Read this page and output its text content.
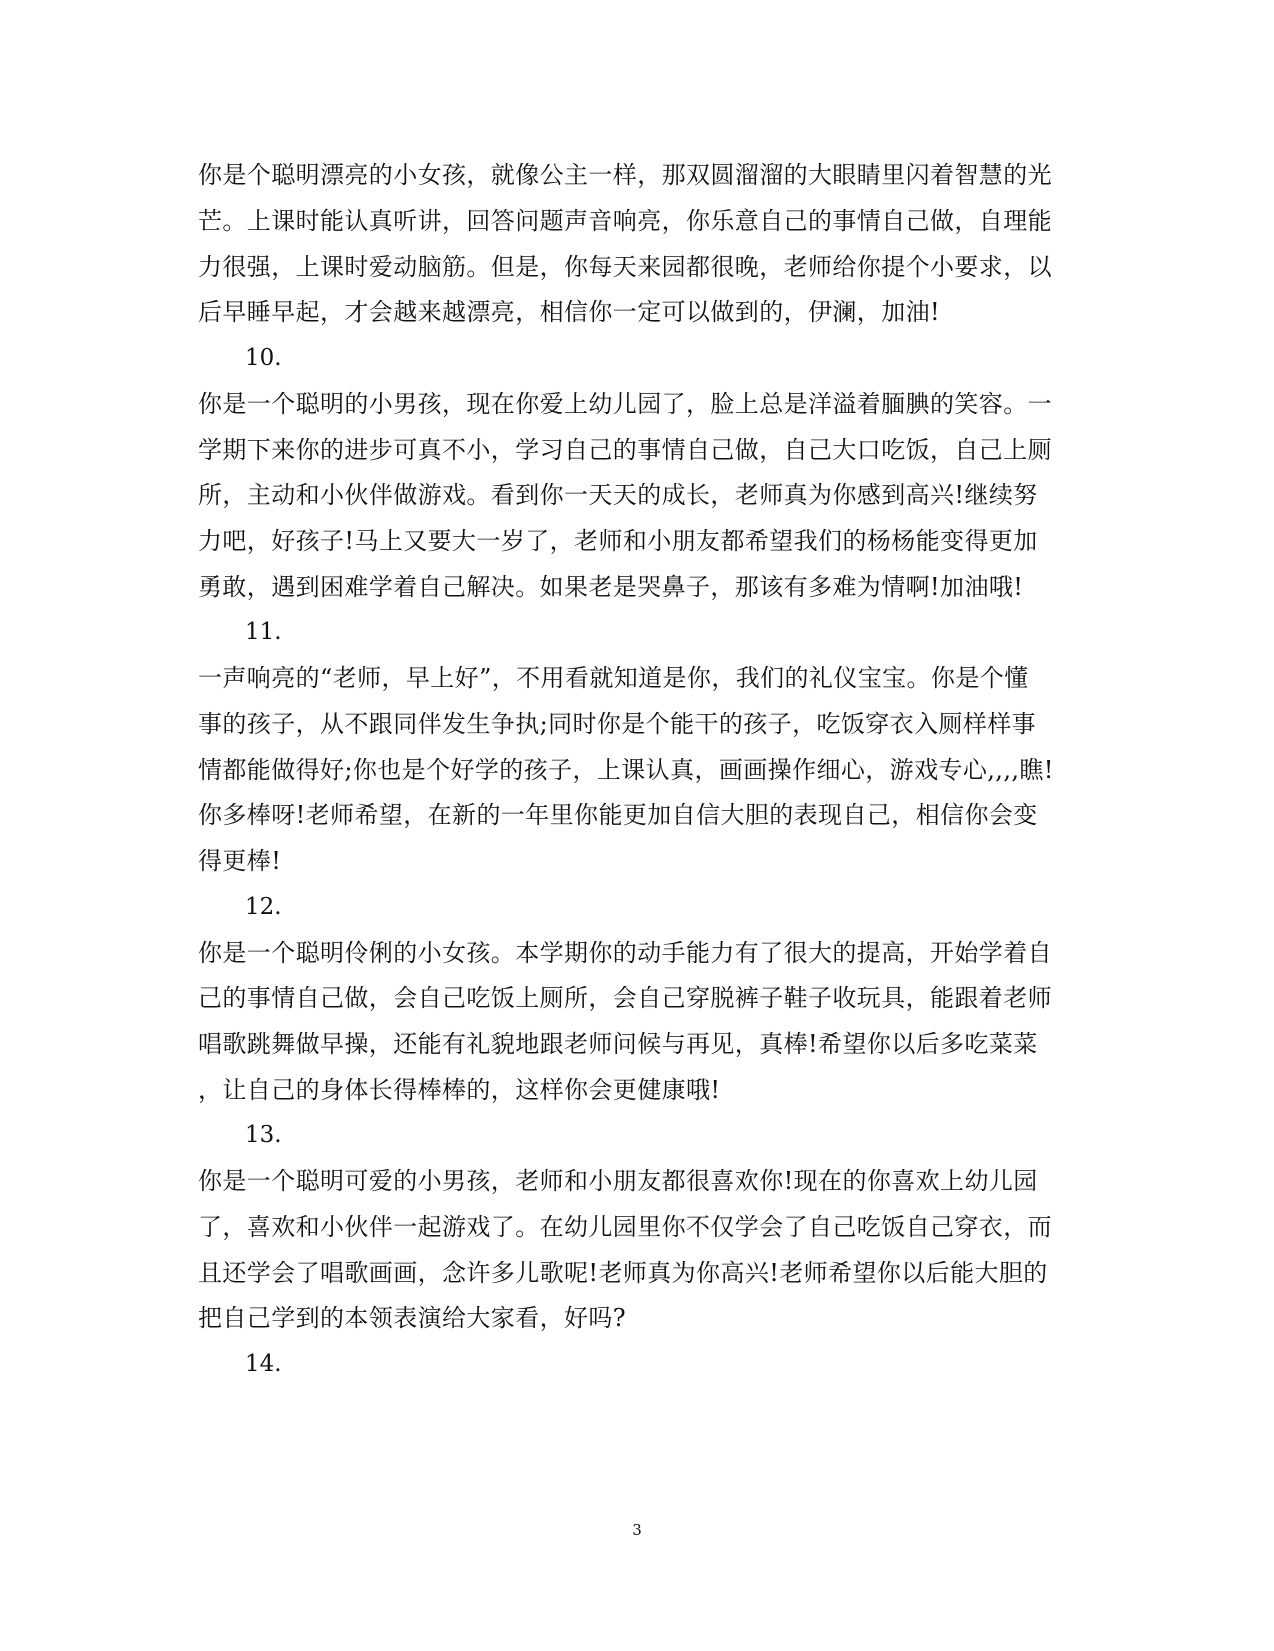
你是个聪明漂亮的小女孩，就像公主一样，那双圆溜溜的大眼睛里闪着智慧的光
芒。上课时能认真听讲，回答问题声音响亮，你乐意自己的事情自己做，自理能
力很强，上课时爱动脑筋。但是，你每天来园都很晚，老师给你提个小要求，以
后早睡早起，才会越来越漂亮，相信你一定可以做到的，伊澜，加油!
10.
你是一个聪明的小男孩，现在你爱上幼儿园了，脸上总是洋溢着腼腆的笑容。一
学期下来你的进步可真不小，学习自己的事情自己做，自己大口吃饭，自己上厕
所，主动和小伙伴做游戏。看到你一天天的成长，老师真为你感到高兴!继续努
力吧，好孩子!马上又要大一岁了，老师和小朋友都希望我们的杨杨能变得更加
勇敢，遇到困难学着自己解决。如果老是哭鼻子，那该有多难为情啊!加油哦!
11.
一声响亮的“老师，早上好”，不用看就知道是你，我们的礼仪宝宝。你是个懂
事的孩子，从不跟同伴发生争执;同时你是个能干的孩子，吃饭穿衣入厕样样事
情都能做得好;你也是个好学的孩子，上课认真，画画操作细心，游戏专心,,,,瞧!
你多棒呀!老师希望，在新的一年里你能更加自信大胆的表现自己，相信你会变
得更棒!
12.
你是一个聪明伶俐的小女孩。本学期你的动手能力有了很大的提高，开始学着自
己的事情自己做，会自己吃饭上厕所，会自己穿脱裤子鞋子收玩具，能跟着老师
唱歌跳舞做早操，还能有礼貌地跟老师问候与再见，真棒!希望你以后多吃菜菜
，让自己的身体长得棒棒的，这样你会更健康哦!
13.
你是一个聪明可爱的小男孩，老师和小朋友都很喜欢你!现在的你喜欢上幼儿园
了，喜欢和小伙伴一起游戏了。在幼儿园里你不仅学会了自己吃饭自己穿衣，而
且还学会了唱歌画画，念许多儿歌呢!老师真为你高兴!老师希望你以后能大胆的
把自己学到的本领表演给大家看，好吗?
14.
3
